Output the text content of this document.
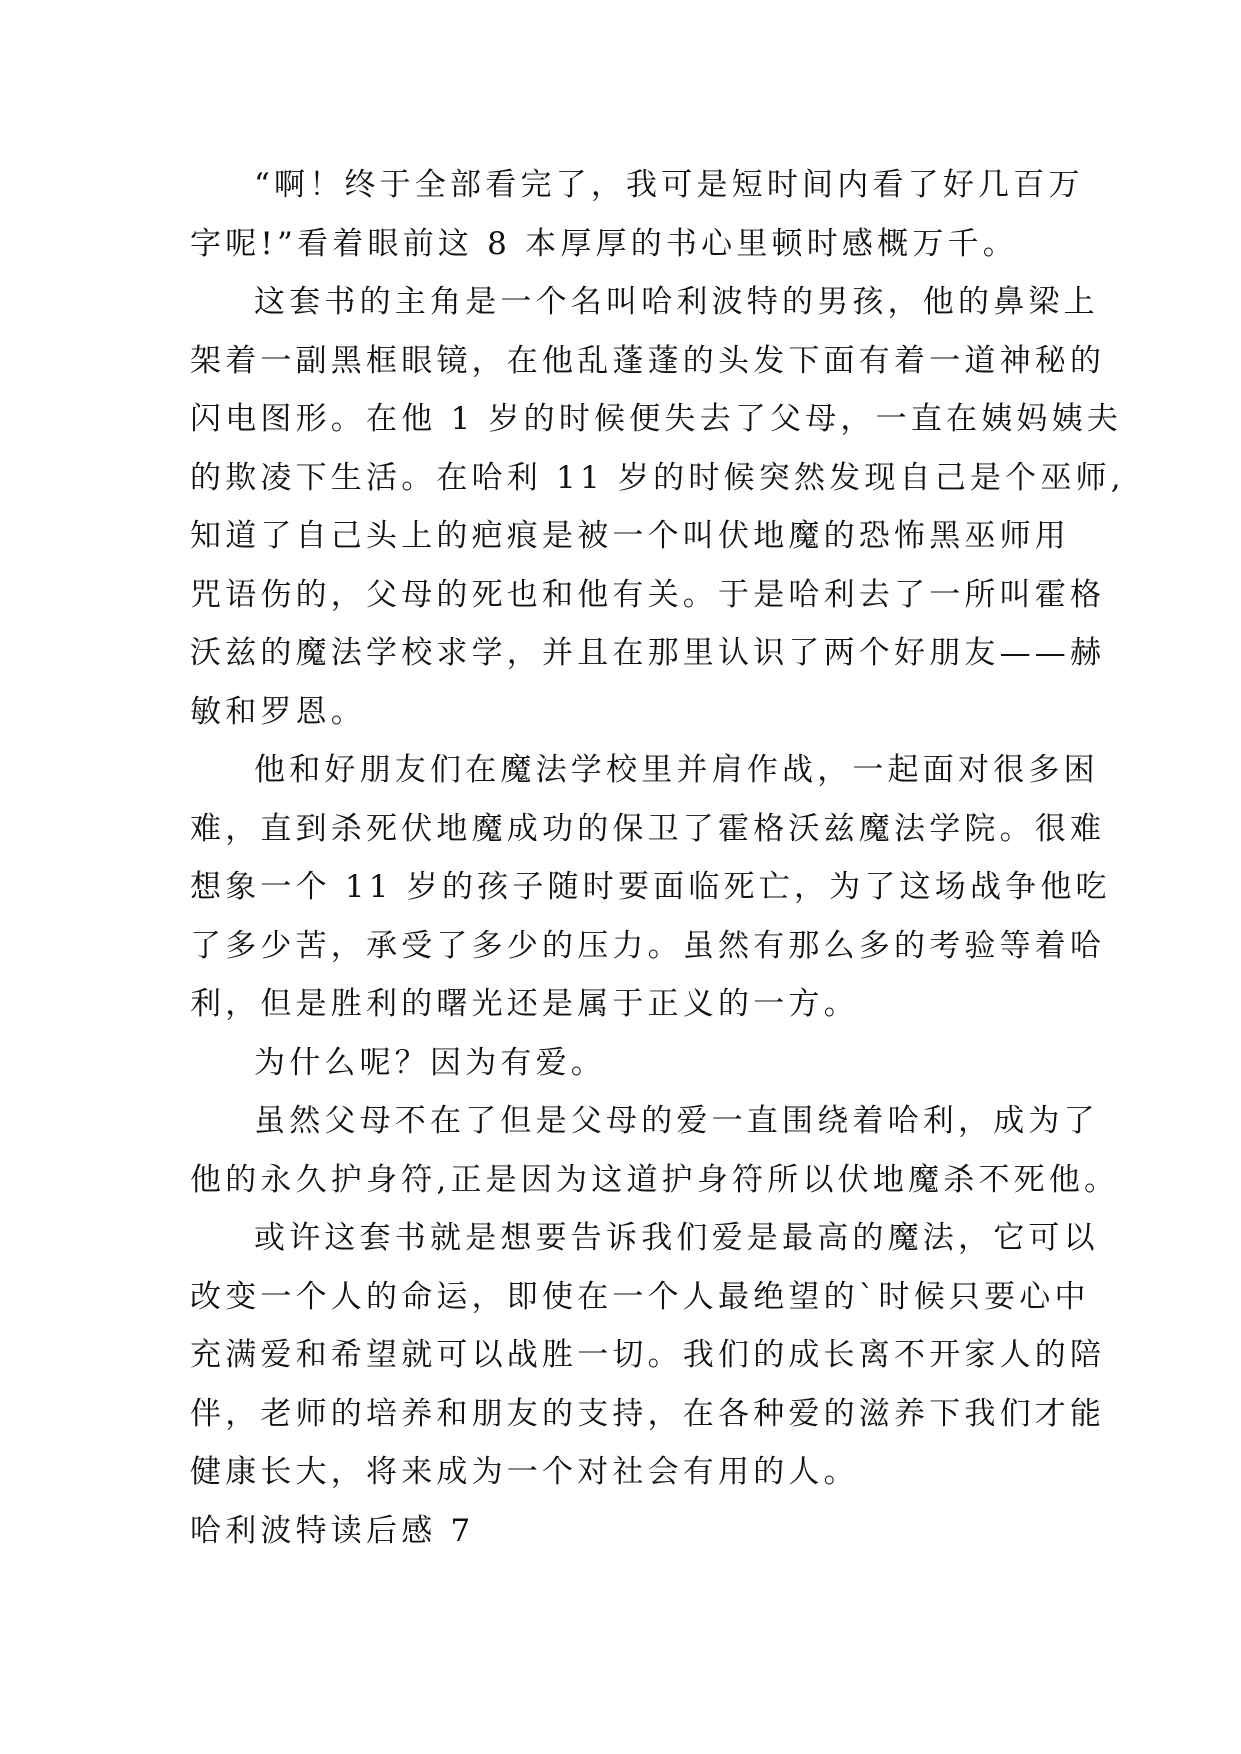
“啊！终于全部看完了，我可是短时间内看了好几百万
字呢!”看着眼前这 8 本厚厚的书心里顿时感概万千。
这套书的主角是一个名叫哈利波特的男孩，他的鼻梁上
架着一副黑框眼镜，在他乱蓬蓬的头发下面有着一道神秘的
闪电图形。在他 1 岁的时候便失去了父母，一直在姨妈姨夫
的欺凌下生活。在哈利 11 岁的时候突然发现自己是个巫师,
知道了自己头上的疤痕是被一个叫伏地魔的恐怖黑巫师用
咒语伤的，父母的死也和他有关。于是哈利去了一所叫霍格
沃兹的魔法学校求学，并且在那里认识了两个好朋友——赫
敏和罗恩。
他和好朋友们在魔法学校里并肩作战，一起面对很多困
难，直到杀死伏地魔成功的保卫了霍格沃兹魔法学院。很难
想象一个 11 岁的孩子随时要面临死亡，为了这场战争他吃
了多少苦，承受了多少的压力。虽然有那么多的考验等着哈
利，但是胜利的曙光还是属于正义的一方。
为什么呢？因为有爱。
虽然父母不在了但是父母的爱一直围绕着哈利，成为了
他的永久护身符,正是因为这道护身符所以伏地魔杀不死他。
或许这套书就是想要告诉我们爱是最高的魔法，它可以
改变一个人的命运，即使在一个人最绝望的`时候只要心中
充满爱和希望就可以战胜一切。我们的成长离不开家人的陪
伴，老师的培养和朋友的支持，在各种爱的滋养下我们才能
健康长大，将来成为一个对社会有用的人。
哈利波特读后感 7
